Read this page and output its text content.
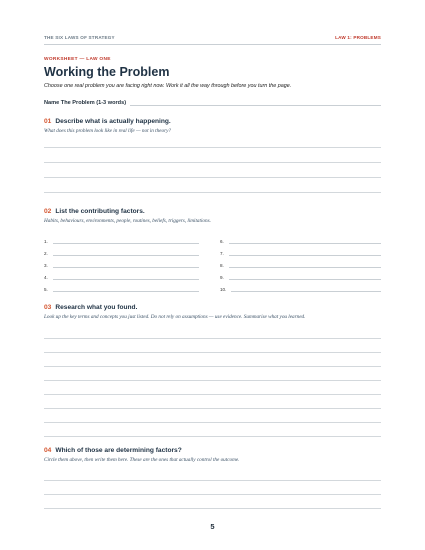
THE SIX LAWS OF STRATEGY	LAW 1: PROBLEMS
WORKSHEET — LAW ONE
Working the Problem
Choose one real problem you are facing right now. Work it all the way through before you turn the page.
Name The Problem (1-3 words)
01 Describe what is actually happening.
What does this problem look like in real life — not in theory?
02 List the contributing factors.
Habits, behaviours, environments, people, routines, beliefs, triggers, limitations.
1.
2.
3.
4.
5.
6.
7.
8.
9.
10.
03 Research what you found.
Look up the key terms and concepts you just listed. Do not rely on assumptions — use evidence. Summarise what you learned.
04 Which of those are determining factors?
Circle them above, then write them here. These are the ones that actually control the outcome.
5
